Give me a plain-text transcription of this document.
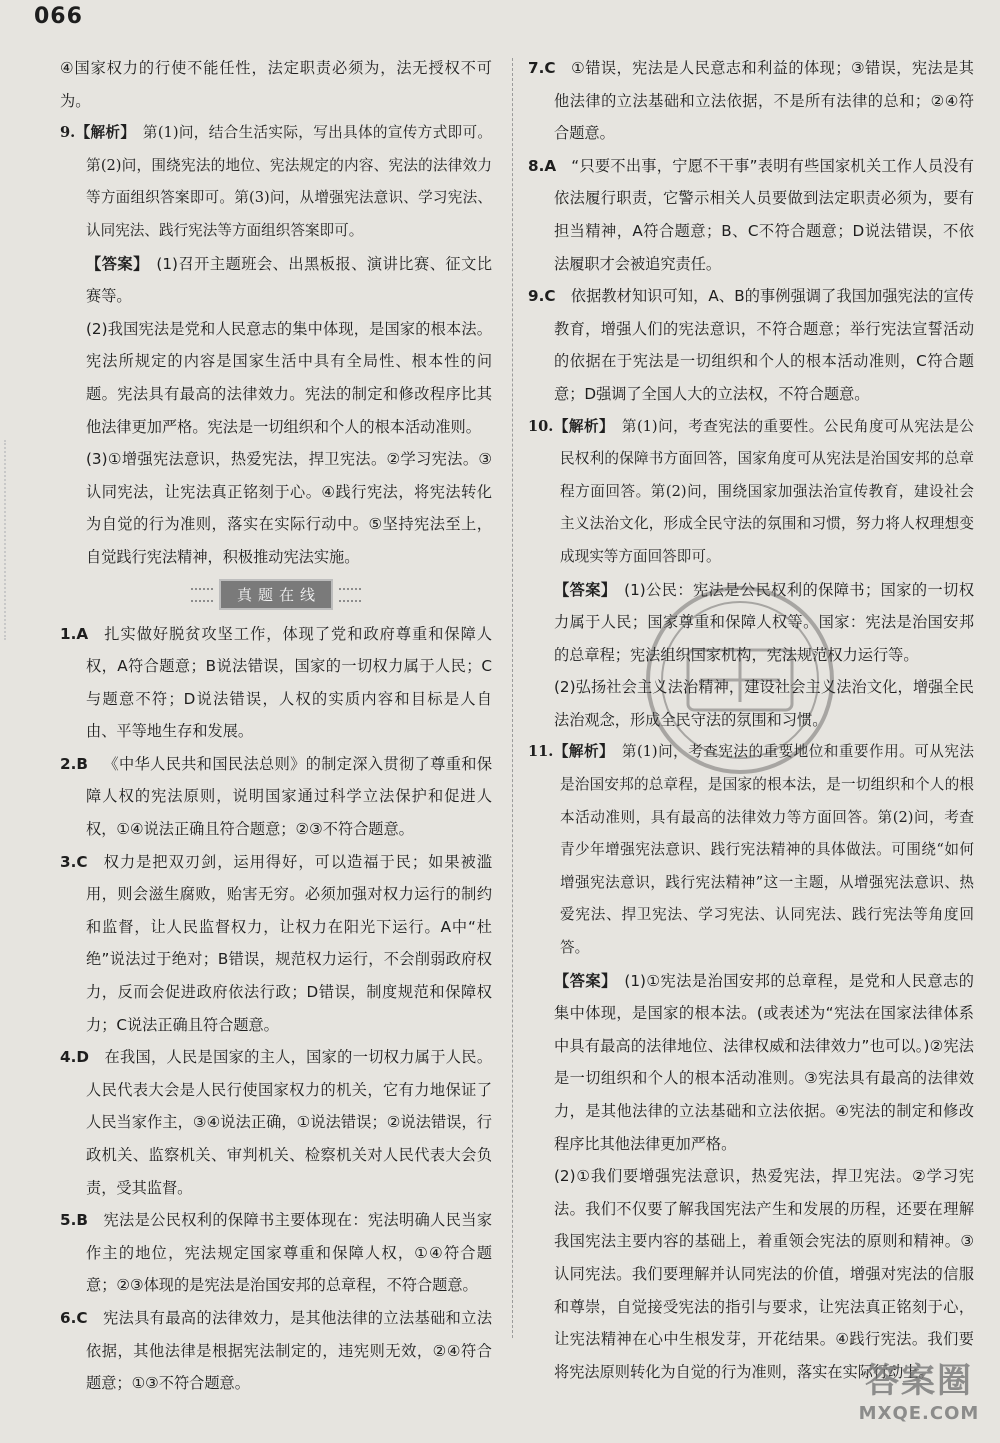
066

④国家权力的行使不能任性，法定职责必须为，法无授权不可为。

9.【解析】  第(1)问，结合生活实际，写出具体的宣传方式即可。第(2)问，围绕宪法的地位、宪法规定的内容、宪法的法律效力等方面组织答案即可。第(3)问，从增强宪法意识、学习宪法、认同宪法、践行宪法等方面组织答案即可。

【答案】  (1)召开主题班会、出黑板报、演讲比赛、征文比赛等。

(2)我国宪法是党和人民意志的集中体现，是国家的根本法。宪法所规定的内容是国家生活中具有全局性、根本性的问题。宪法具有最高的法律效力。宪法的制定和修改程序比其他法律更加严格。宪法是一切组织和个人的根本活动准则。

(3)①增强宪法意识，热爱宪法，捍卫宪法。②学习宪法。③认同宪法，让宪法真正铭刻于心。④践行宪法，将宪法转化为自觉的行为准则，落实在实际行动中。⑤坚持宪法至上，自觉践行宪法精神，积极推动宪法实施。

真题在线

1.A  扎实做好脱贫攻坚工作，体现了党和政府尊重和保障人权，A符合题意；B说法错误，国家的一切权力属于人民；C与题意不符；D说法错误，人权的实质内容和目标是人自由、平等地生存和发展。

2.B  《中华人民共和国民法总则》的制定深入贯彻了尊重和保障人权的宪法原则，说明国家通过科学立法保护和促进人权，①④说法正确且符合题意；②③不符合题意。

3.C  权力是把双刃剑，运用得好，可以造福于民；如果被滥用，则会滋生腐败，贻害无穷。必须加强对权力运行的制约和监督，让人民监督权力，让权力在阳光下运行。A中“杜绝”说法过于绝对；B错误，规范权力运行，不会削弱政府权力，反而会促进政府依法行政；D错误，制度规范和保障权力；C说法正确且符合题意。

4.D  在我国，人民是国家的主人，国家的一切权力属于人民。人民代表大会是人民行使国家权力的机关，它有力地保证了人民当家作主，③④说法正确，①说法错误；②说法错误，行政机关、监察机关、审判机关、检察机关对人民代表大会负责，受其监督。

5.B  宪法是公民权利的保障书主要体现在：宪法明确人民当家作主的地位，宪法规定国家尊重和保障人权，①④符合题意；②③体现的是宪法是治国安邦的总章程，不符合题意。

6.C  宪法具有最高的法律效力，是其他法律的立法基础和立法依据，其他法律是根据宪法制定的，违宪则无效，②④符合题意；①③不符合题意。

7.C  ①错误，宪法是人民意志和利益的体现；③错误，宪法是其他法律的立法基础和立法依据，不是所有法律的总和；②④符合题意。

8.A  “只要不出事，宁愿不干事”表明有些国家机关工作人员没有依法履行职责，它警示相关人员要做到法定职责必须为，要有担当精神，A符合题意；B、C不符合题意；D说法错误，不依法履职才会被追究责任。

9.C  依据教材知识可知，A、B的事例强调了我国加强宪法的宣传教育，增强人们的宪法意识，不符合题意；举行宪法宣誓活动的依据在于宪法是一切组织和个人的根本活动准则，C符合题意；D强调了全国人大的立法权，不符合题意。

10.【解析】  第(1)问，考查宪法的重要性。公民角度可从宪法是公民权利的保障书方面回答，国家角度可从宪法是治国安邦的总章程方面回答。第(2)问，围绕国家加强法治宣传教育，建设社会主义法治文化，形成全民守法的氛围和习惯，努力将人权理想变成现实等方面回答即可。

【答案】  (1)公民：宪法是公民权利的保障书；国家的一切权力属于人民；国家尊重和保障人权等。国家：宪法是治国安邦的总章程；宪法组织国家机构，宪法规范权力运行等。

(2)弘扬社会主义法治精神，建设社会主义法治文化，增强全民法治观念，形成全民守法的氛围和习惯。

11.【解析】  第(1)问，考查宪法的重要地位和重要作用。可从宪法是治国安邦的总章程，是国家的根本法，是一切组织和个人的根本活动准则，具有最高的法律效力等方面回答。第(2)问，考查青少年增强宪法意识、践行宪法精神的具体做法。可围绕“如何增强宪法意识，践行宪法精神”这一主题，从增强宪法意识、热爱宪法、捍卫宪法、学习宪法、认同宪法、践行宪法等角度回答。

【答案】  (1)①宪法是治国安邦的总章程，是党和人民意志的集中体现，是国家的根本法。(或表述为“宪法在国家法律体系中具有最高的法律地位、法律权威和法律效力”也可以。)②宪法是一切组织和个人的根本活动准则。③宪法具有最高的法律效力，是其他法律的立法基础和立法依据。④宪法的制定和修改程序比其他法律更加严格。

(2)①我们要增强宪法意识，热爱宪法，捍卫宪法。②学习宪法。我们不仅要了解我国宪法产生和发展的历程，还要在理解我国宪法主要内容的基础上，着重领会宪法的原则和精神。③认同宪法。我们要理解并认同宪法的价值，增强对宪法的信服和尊崇，自觉接受宪法的指引与要求，让宪法真正铭刻于心，让宪法精神在心中生根发芽，开花结果。④践行宪法。我们要将宪法原则转化为自觉的行为准则，落实在实际行动上。

答案圈
MXQE.COM
